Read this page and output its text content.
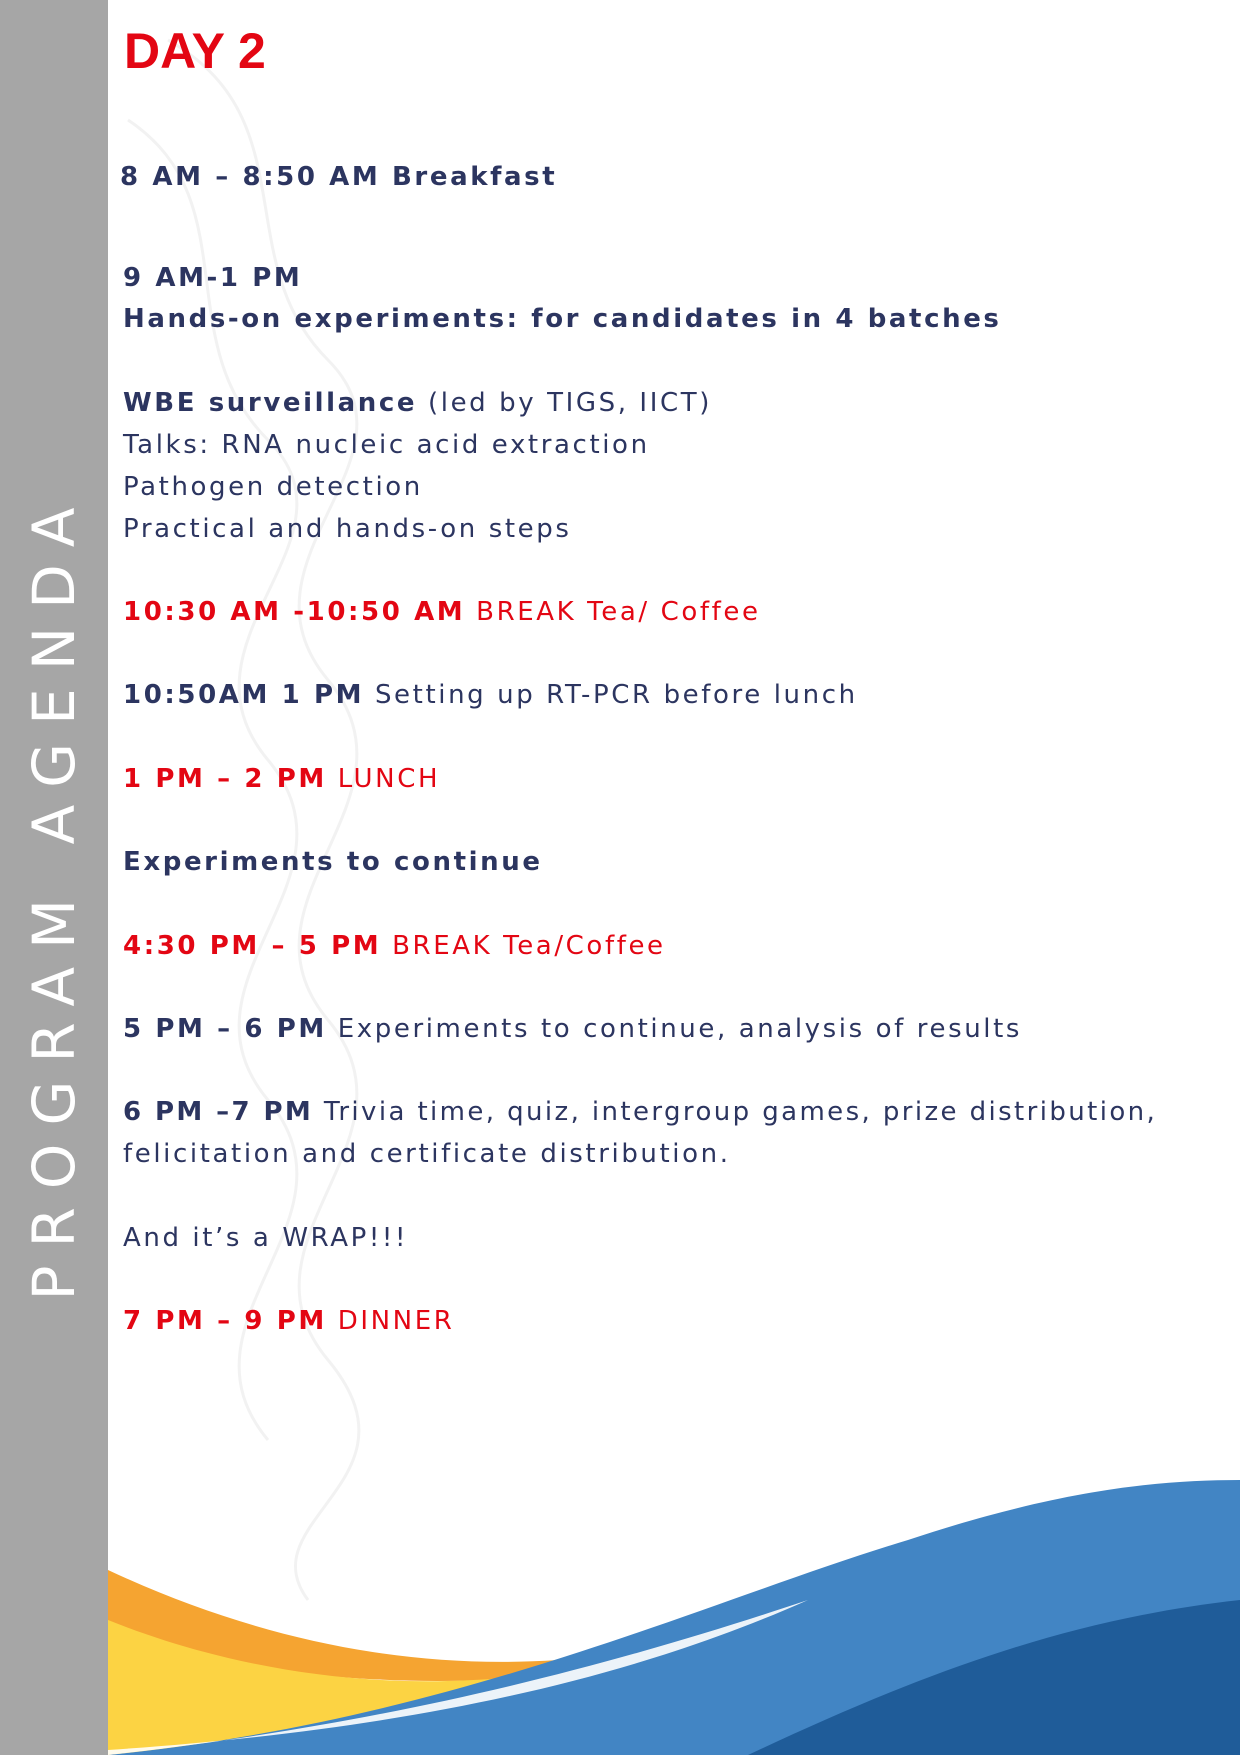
PROGRAM AGENDA
DAY 2
8 AM – 8:50 AM Breakfast
9 AM-1 PM
Hands-on experiments: for candidates in 4 batches
WBE surveillance (led by TIGS, IICT)
Talks: RNA nucleic acid extraction
Pathogen detection
Practical and hands-on steps
10:30 AM -10:50 AM BREAK Tea/ Coffee
10:50AM 1 PM Setting up RT-PCR before lunch
1 PM – 2 PM LUNCH
Experiments to continue
4:30 PM – 5 PM BREAK Tea/Coffee
5 PM – 6 PM Experiments to continue, analysis of results
6 PM –7 PM Trivia time, quiz, intergroup games, prize distribution,
felicitation and certificate distribution.
And it’s a WRAP!!!
7 PM – 9 PM DINNER
